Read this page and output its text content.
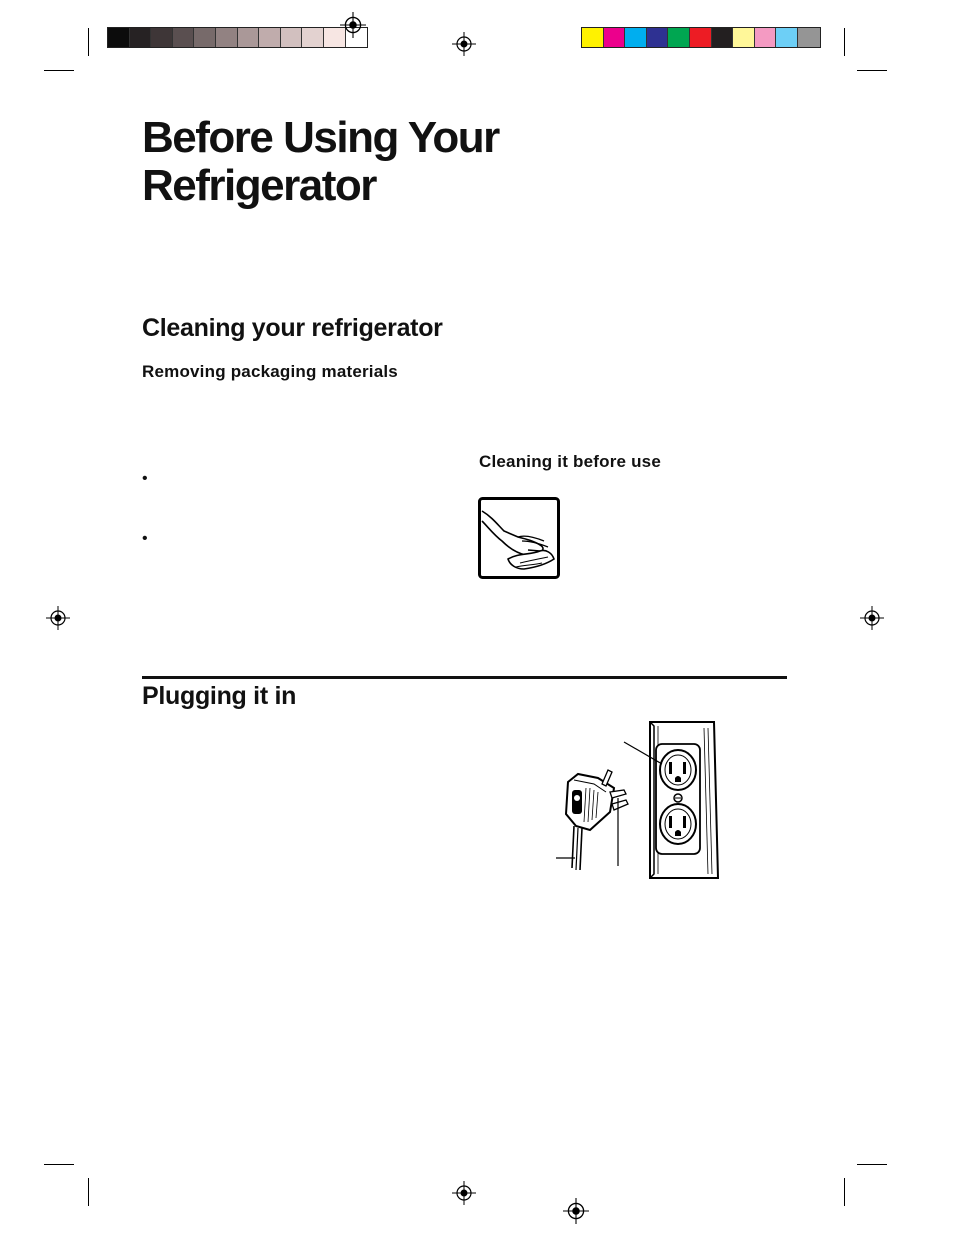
Before Using Your Refrigerator
Cleaning your refrigerator
Removing packaging materials
•
•
Cleaning it before use
Plugging it in
